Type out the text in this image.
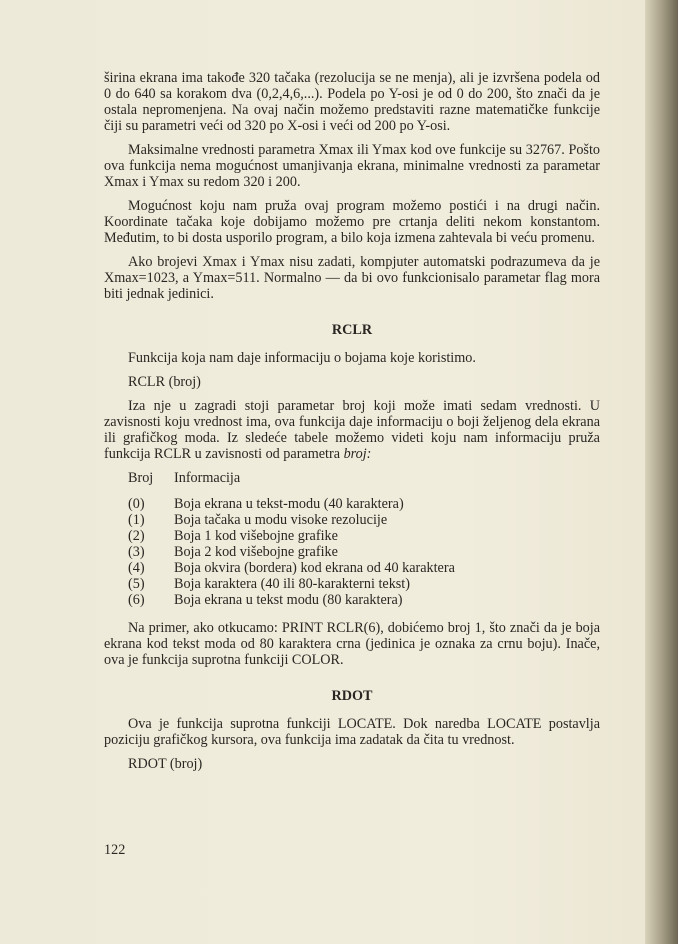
širina ekrana ima takođe 320 tačaka (rezolucija se ne menja), ali je izvršena podela od 0 do 640 sa korakom dva (0,2,4,6,...). Podela po Y-osi je od 0 do 200, što znači da je ostala nepromenjena. Na ovaj način možemo predstaviti razne matematičke funkcije čiji su parametri veći od 320 po X-osi i veći od 200 po Y-osi.

Maksimalne vrednosti parametra Xmax ili Ymax kod ove funkcije su 32767. Pošto ova funkcija nema mogućnost umanjivanja ekrana, minimalne vrednosti za parametar Xmax i Ymax su redom 320 i 200.

Mogućnost koju nam pruža ovaj program možemo postići i na drugi način. Koordinate tačaka koje dobijamo možemo pre crtanja deliti nekom konstantom. Međutim, to bi dosta usporilo program, a bilo koja izmena zahtevala bi veću promenu.

Ako brojevi Xmax i Ymax nisu zadati, kompjuter automatski podrazumeva da je Xmax=1023, a Ymax=511. Normalno — da bi ovo funkcionisalo parametar flag mora biti jednak jedinici.

RCLR

Funkcija koja nam daje informaciju o bojama koje koristimo.

RCLR (broj)

Iza nje u zagradi stoji parametar broj koji može imati sedam vrednosti. U zavisnosti koju vrednost ima, ova funkcija daje informaciju o boji željenog dela ekrana ili grafičkog moda. Iz sledeće tabele možemo videti koju nam informaciju pruža funkcija RCLR u zavisnosti od parametra broj:

Broj	Informacija
(0)	Boja ekrana u tekst-modu (40 karaktera)
(1)	Boja tačaka u modu visoke rezolucije
(2)	Boja 1 kod višebojne grafike
(3)	Boja 2 kod višebojne grafike
(4)	Boja okvira (bordera) kod ekrana od 40 karaktera
(5)	Boja karaktera (40 ili 80-karakterni tekst)
(6)	Boja ekrana u tekst modu (80 karaktera)

Na primer, ako otkucamo: PRINT RCLR(6), dobićemo broj 1, što znači da je boja ekrana kod tekst moda od 80 karaktera crna (jedinica je oznaka za crnu boju). Inače, ova je funkcija suprotna funkciji COLOR.

RDOT

Ova je funkcija suprotna funkciji LOCATE. Dok naredba LOCATE postavlja poziciju grafičkog kursora, ova funkcija ima zadatak da čita tu vrednost.

RDOT (broj)

122
